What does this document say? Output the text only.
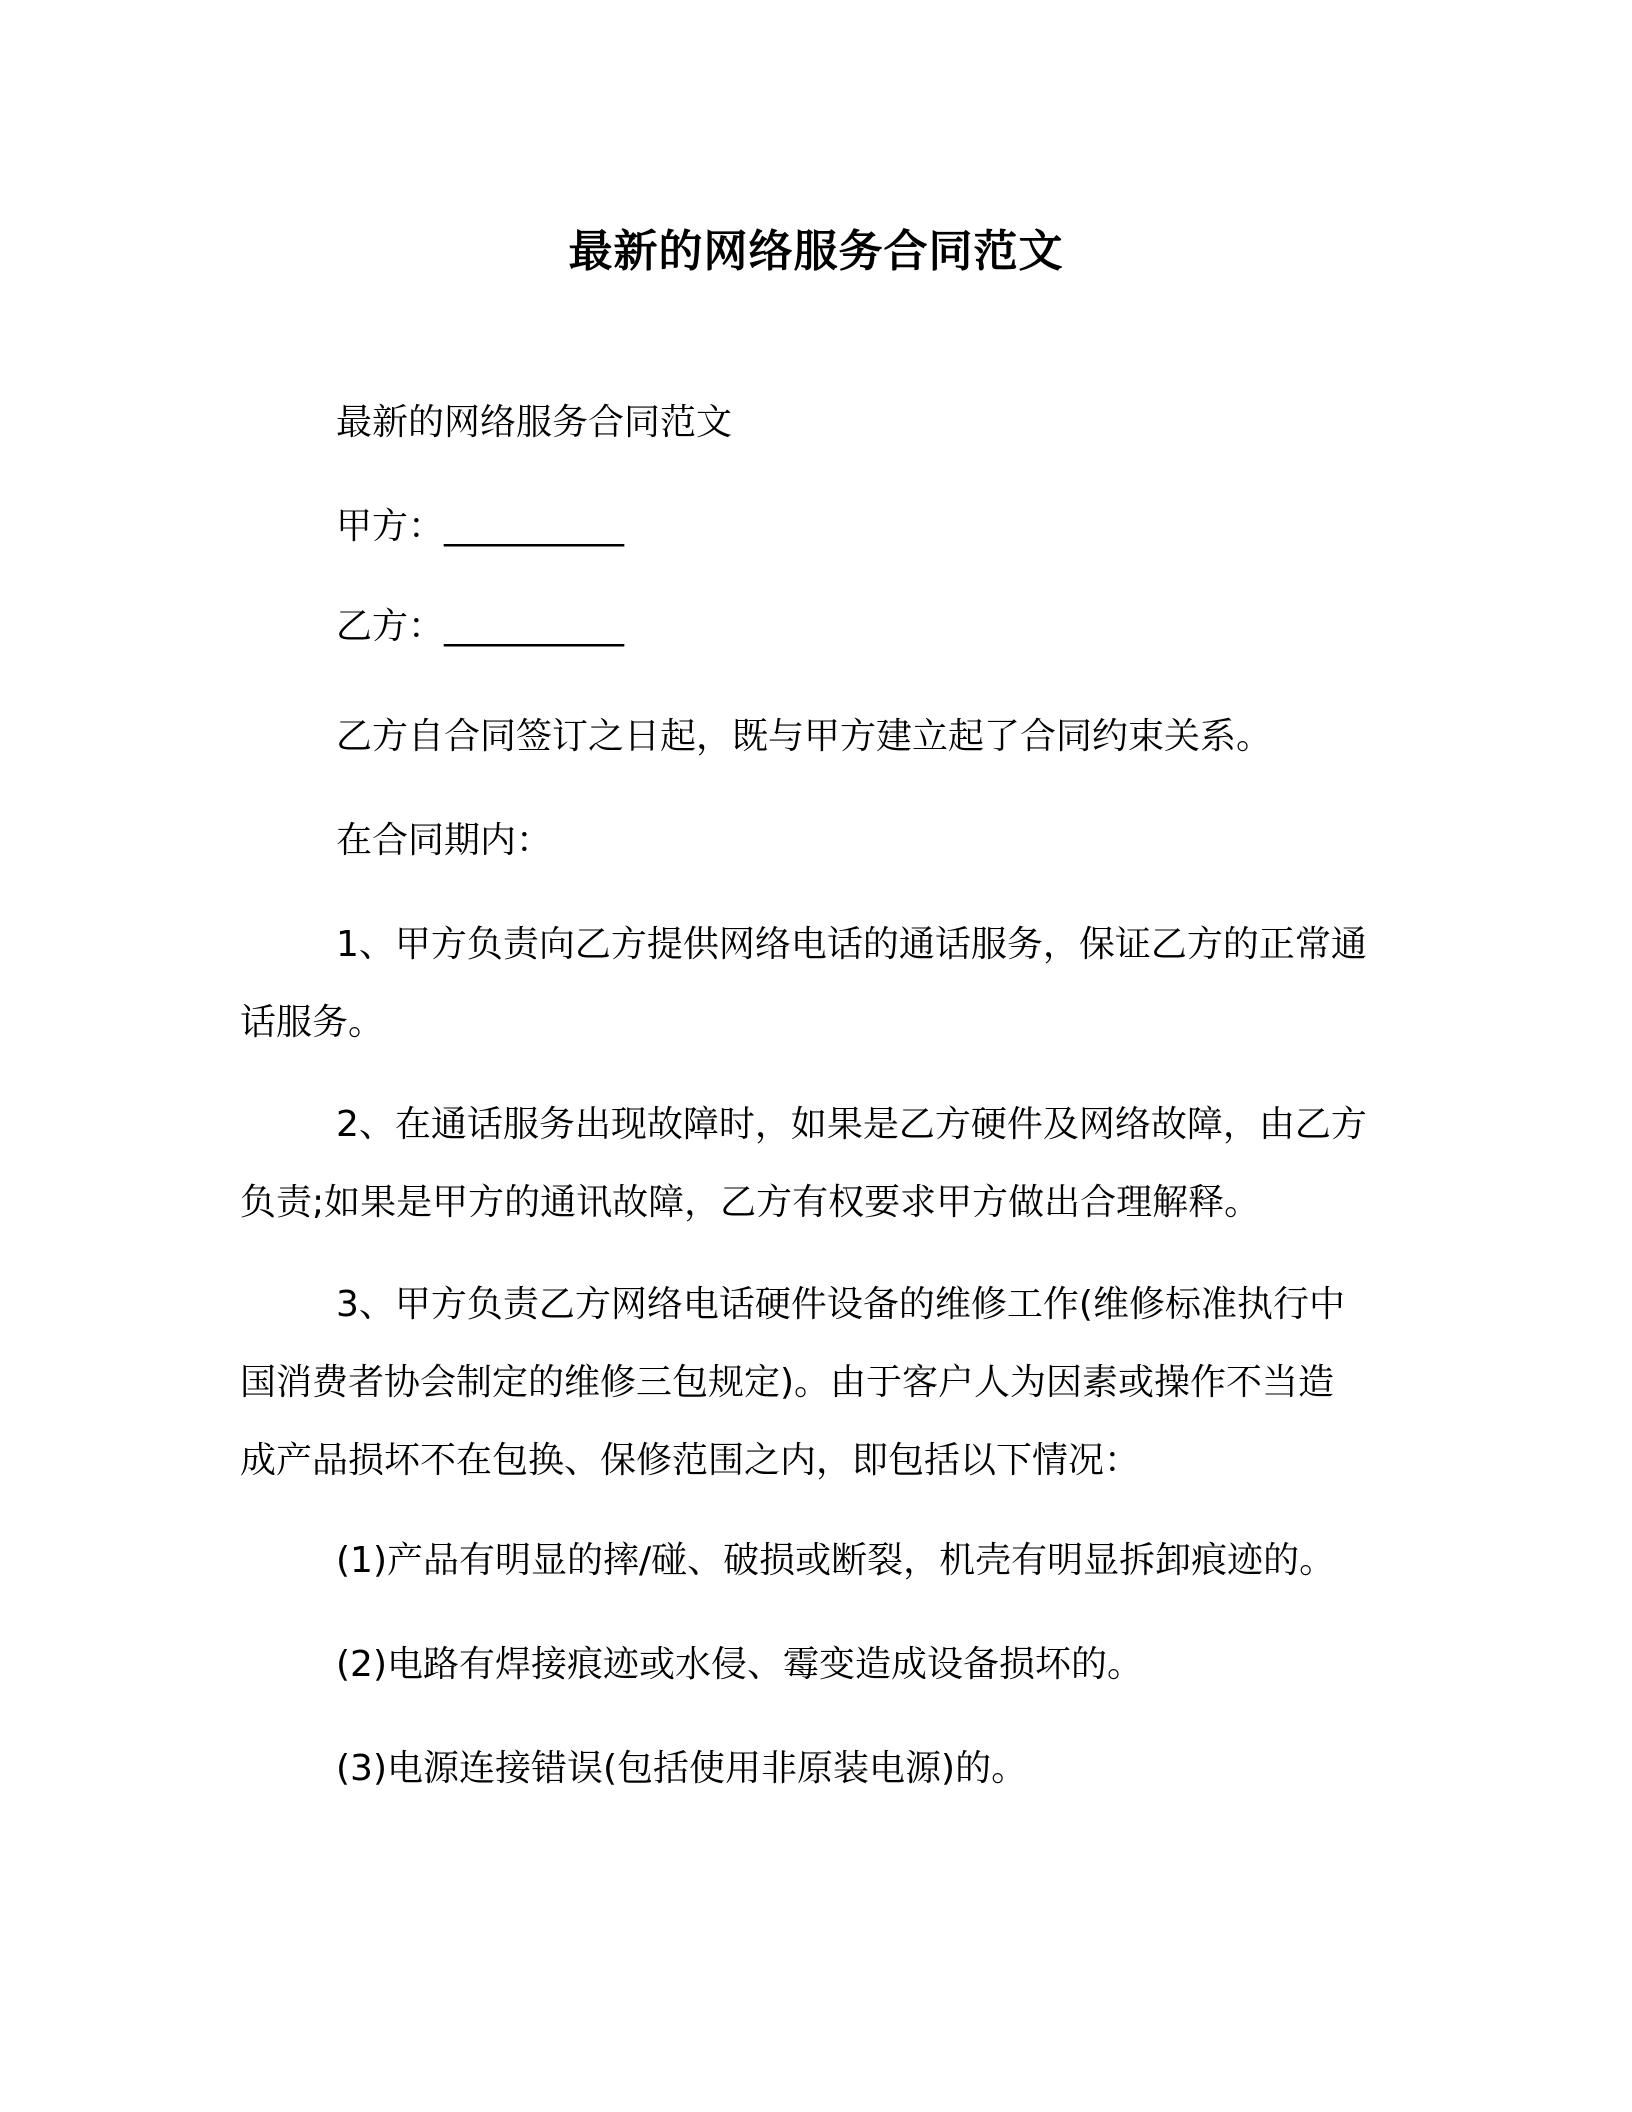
最新的网络服务合同范文

最新的网络服务合同范文

甲方：__________

乙方：__________

乙方自合同签订之日起，既与甲方建立起了合同约束关系。

在合同期内：

1、甲方负责向乙方提供网络电话的通话服务，保证乙方的正常通话服务。

2、在通话服务出现故障时，如果是乙方硬件及网络故障，由乙方负责;如果是甲方的通讯故障，乙方有权要求甲方做出合理解释。

3、甲方负责乙方网络电话硬件设备的维修工作(维修标准执行中国消费者协会制定的维修三包规定)。由于客户人为因素或操作不当造成产品损坏不在包换、保修范围之内，即包括以下情况：

(1)产品有明显的摔/碰、破损或断裂，机壳有明显拆卸痕迹的。

(2)电路有焊接痕迹或水侵、霉变造成设备损坏的。

(3)电源连接错误(包括使用非原装电源)的。
